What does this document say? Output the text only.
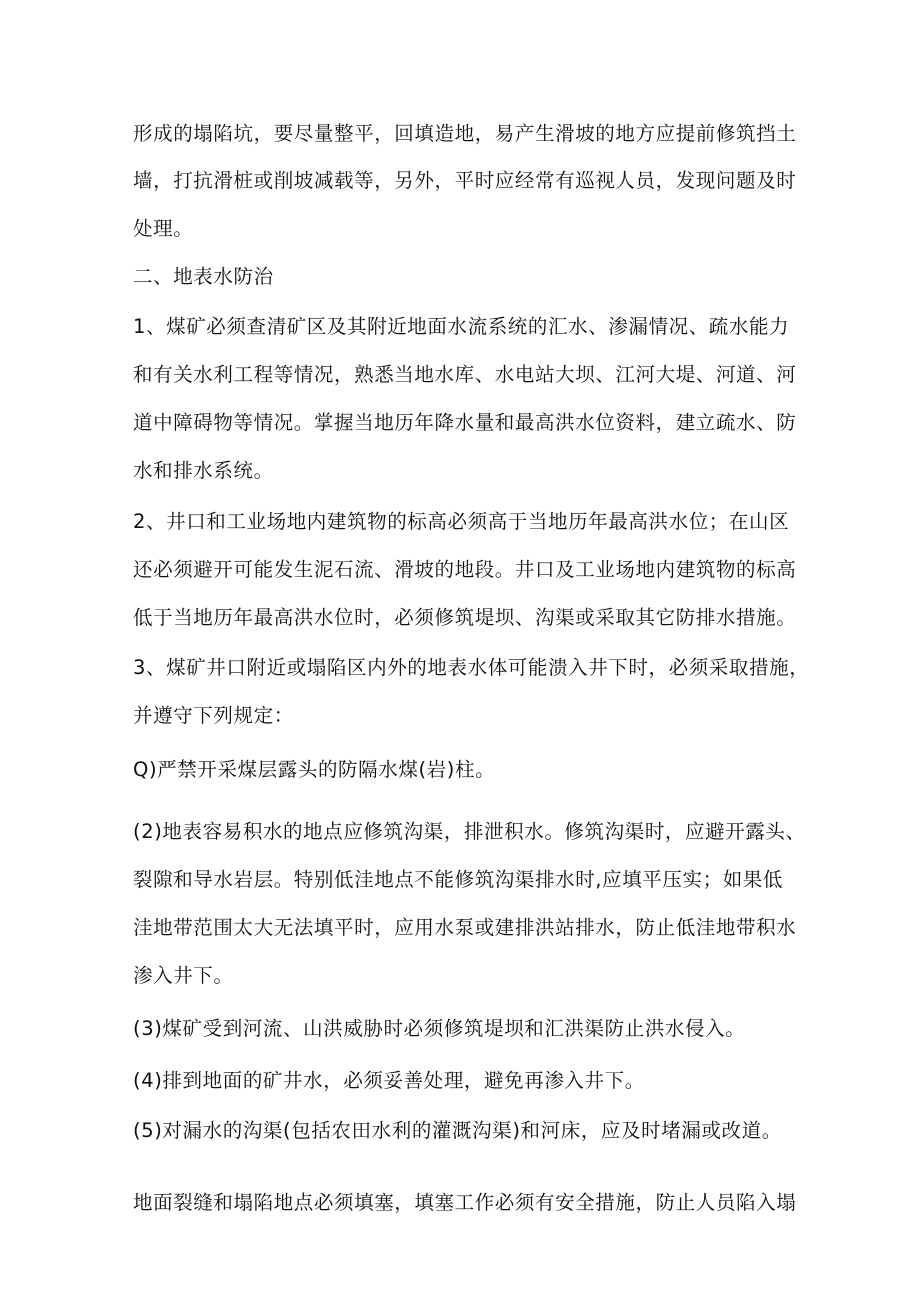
形成的塌陷坑，要尽量整平，回填造地，易产生滑坡的地方应提前修筑挡土
墙，打抗滑桩或削坡减载等，另外，平时应经常有巡视人员，发现问题及时
处理。
二、地表水防治
1、煤矿必须查清矿区及其附近地面水流系统的汇水、渗漏情况、疏水能力
和有关水利工程等情况，熟悉当地水库、水电站大坝、江河大堤、河道、河
道中障碍物等情况。掌握当地历年降水量和最高洪水位资料，建立疏水、防
水和排水系统。
2、井口和工业场地内建筑物的标高必须高于当地历年最高洪水位；在山区
还必须避开可能发生泥石流、滑坡的地段。井口及工业场地内建筑物的标高
低于当地历年最高洪水位时，必须修筑堤坝、沟渠或采取其它防排水措施。
3、煤矿井口附近或塌陷区内外的地表水体可能溃入井下时，必须采取措施，
并遵守下列规定：
Q)严禁开采煤层露头的防隔水煤(岩)柱。
(2)地表容易积水的地点应修筑沟渠，排泄积水。修筑沟渠时，应避开露头、
裂隙和导水岩层。特别低洼地点不能修筑沟渠排水时,应填平压实；如果低
洼地带范围太大无法填平时，应用水泵或建排洪站排水，防止低洼地带积水
渗入井下。
(3)煤矿受到河流、山洪威胁时必须修筑堤坝和汇洪渠防止洪水侵入。
(4)排到地面的矿井水，必须妥善处理，避免再渗入井下。
(5)对漏水的沟渠(包括农田水利的灌溉沟渠)和河床，应及时堵漏或改道。
地面裂缝和塌陷地点必须填塞，填塞工作必须有安全措施，防止人员陷入塌
